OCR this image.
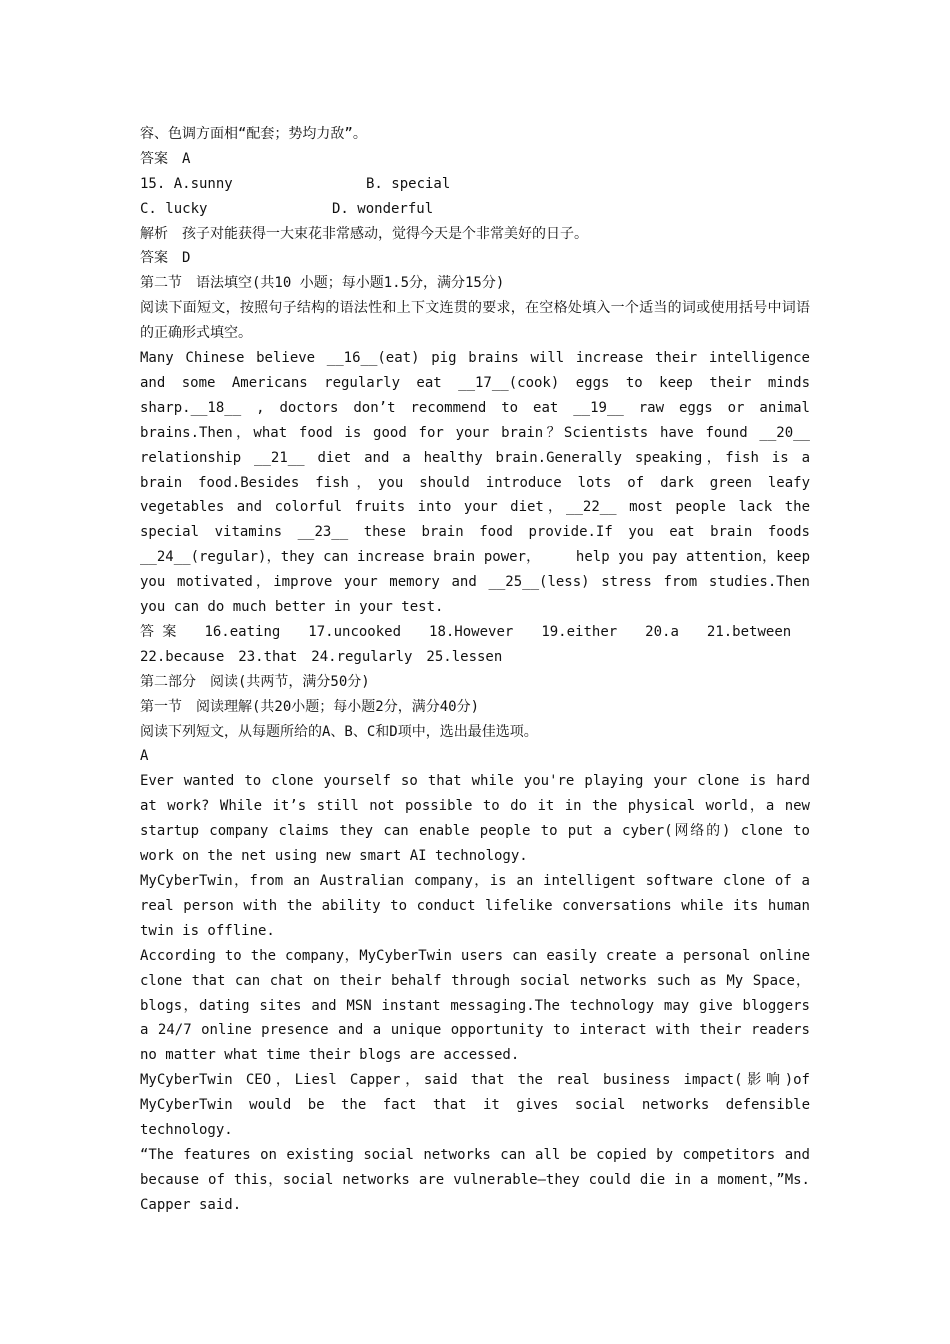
容、色调方面相“配套；势均力敌”。
答案　A
15. A.sunny	B. special
C. lucky	D. wonderful
解析　孩子对能获得一大束花非常感动，觉得今天是个非常美好的日子。
答案　D
第二节　语法填空(共10 小题；每小题1.5分，满分15分)
阅读下面短文，按照句子结构的语法性和上下文连贯的要求，在空格处填入一个适当的词或使用括号中词语的正确形式填空。
Many Chinese believe __16__(eat) pig brains will increase their intelligence and some Americans regularly eat __17__(cook) eggs to keep their minds sharp.__18__ , doctors don’t recommend to eat __19__ raw eggs or animal brains.Then，what food is good for your brain？Scientists have found __20__ relationship __21__ diet and a healthy brain.Generally speaking，fish is a brain food.Besides fish，you should introduce lots of dark green leafy vegetables and colorful fruits into your diet，__22__ most people lack the special vitamins __23__ these brain food provide.If you eat brain foods __24__(regular)，they can increase brain power，　　　help you pay attention，keep you motivated，improve your memory and __25__(less) stress from studies.Then you can do much better in your test.
答 案 16.eating 17.uncooked 18.However 19.either 20.a 21.between
22.because　23.that　24.regularly　25.lessen
第二部分　阅读(共两节，满分50分)
第一节　阅读理解(共20小题；每小题2分，满分40分)
阅读下列短文，从每题所给的A、B、C和D项中，选出最佳选项。
A
Ever wanted to clone yourself so that while you're playing your clone is hard at work? While it’s still not possible to do it in the physical world，a new startup company claims they can enable people to put a cyber(网络的) clone to work on the net using new smart AI technology.
MyCyberTwin，from an Australian company，is an intelligent software clone of a real person with the ability to conduct lifelike conversations while its human twin is offline.
According to the company，MyCyberTwin users can easily create a personal online clone that can chat on their behalf through social networks such as My Space，blogs，dating sites and MSN instant messaging.The technology may give bloggers a 24/7 online presence and a unique opportunity to interact with their readers no matter what time their blogs are accessed.
MyCyberTwin CEO，Liesl Capper，said that the real business impact(影响)of MyCyberTwin would be the fact that it gives social networks defensible technology.
“The features on existing social networks can all be copied by competitors and because of this，social networks are vulnerable—they could die in a moment，”Ms. Capper said.
